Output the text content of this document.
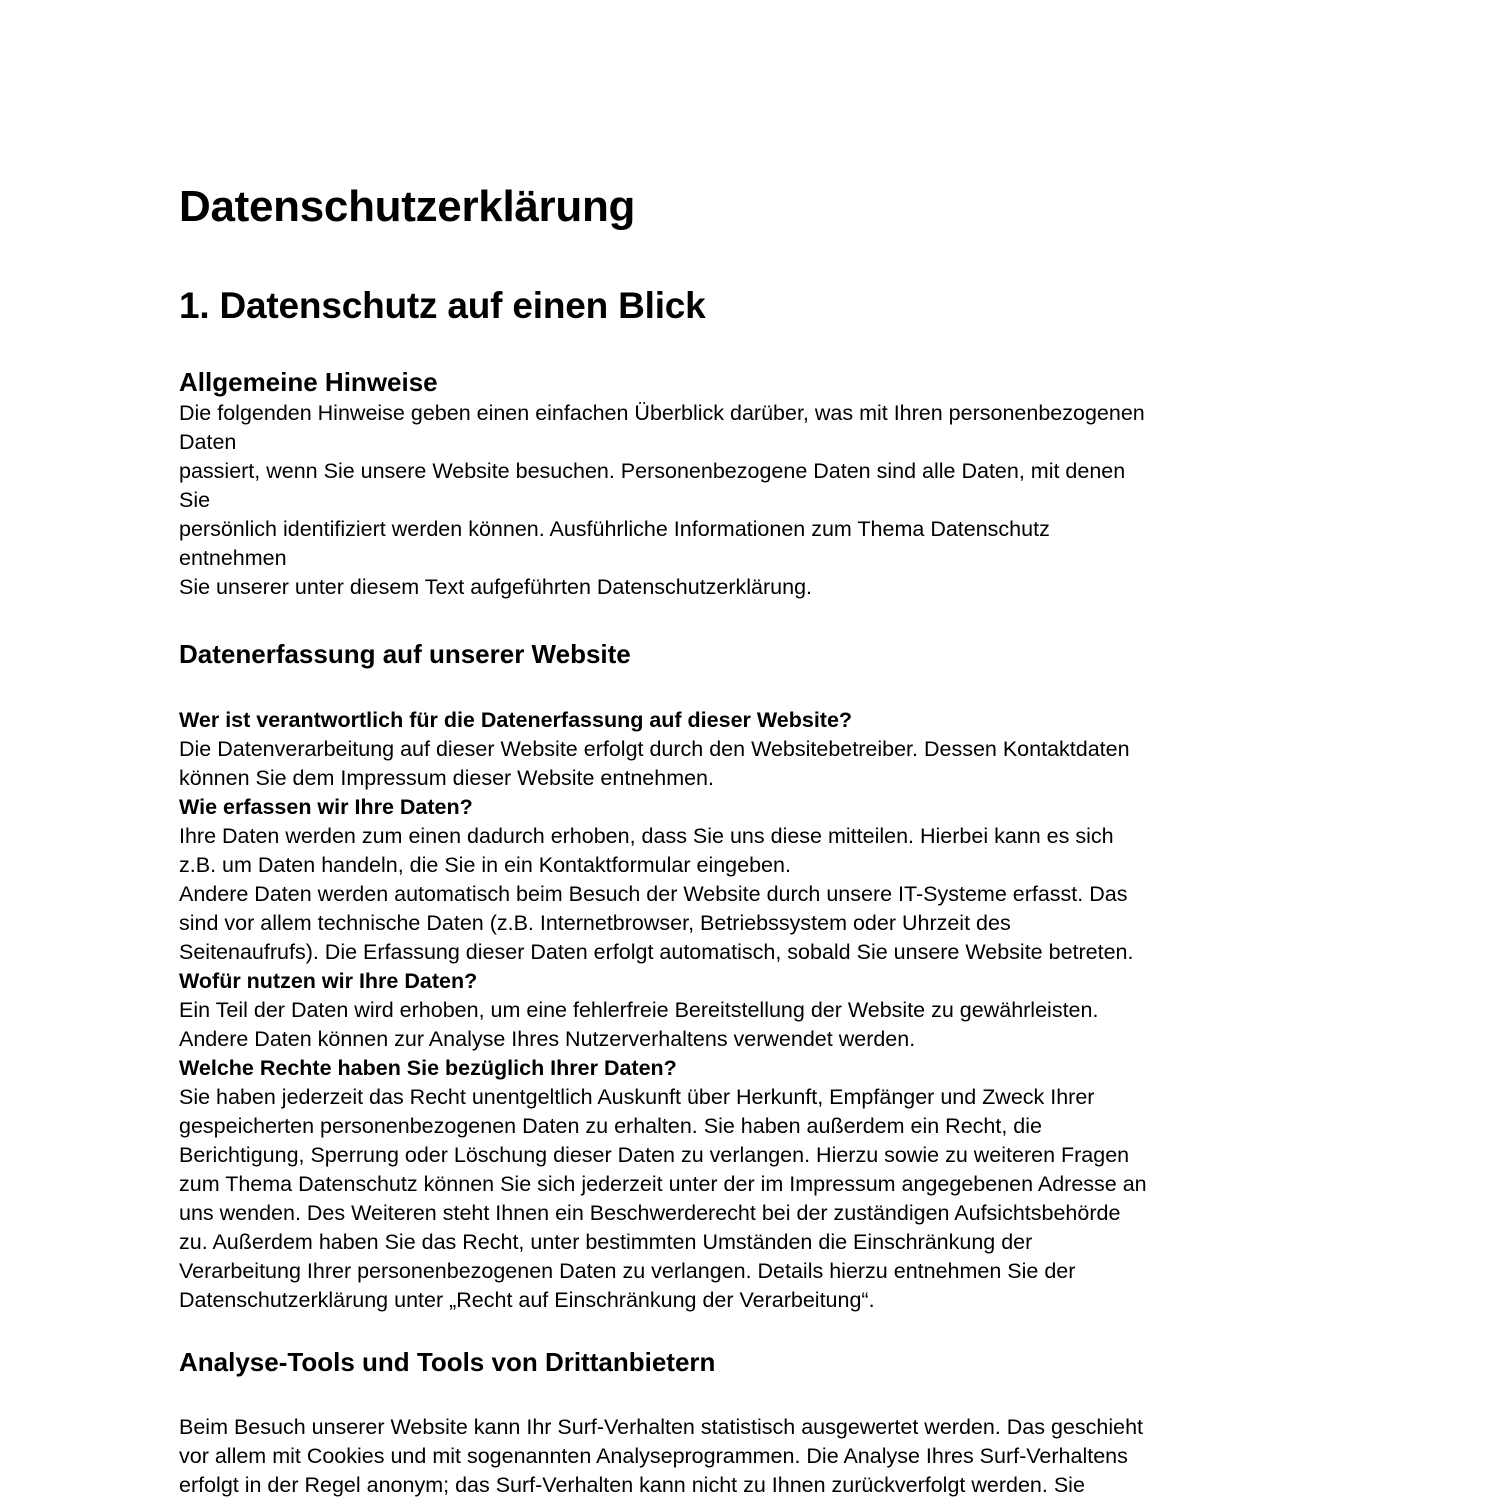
Datenschutzerklärung
1. Datenschutz auf einen Blick
Allgemeine Hinweise
Die folgenden Hinweise geben einen einfachen Überblick darüber, was mit Ihren personenbezogenen
Daten
passiert, wenn Sie unsere Website besuchen. Personenbezogene Daten sind alle Daten, mit denen
Sie
persönlich identifiziert werden können. Ausführliche Informationen zum Thema Datenschutz
entnehmen
Sie unserer unter diesem Text aufgeführten Datenschutzerklärung.
Datenerfassung auf unserer Website
Wer ist verantwortlich für die Datenerfassung auf dieser Website?
Die Datenverarbeitung auf dieser Website erfolgt durch den Websitebetreiber. Dessen Kontaktdaten
können Sie dem Impressum dieser Website entnehmen.
Wie erfassen wir Ihre Daten?
Ihre Daten werden zum einen dadurch erhoben, dass Sie uns diese mitteilen. Hierbei kann es sich
z.B. um Daten handeln, die Sie in ein Kontaktformular eingeben.
Andere Daten werden automatisch beim Besuch der Website durch unsere IT-Systeme erfasst. Das
sind vor allem technische Daten (z.B. Internetbrowser, Betriebssystem oder Uhrzeit des
Seitenaufrufs). Die Erfassung dieser Daten erfolgt automatisch, sobald Sie unsere Website betreten.
Wofür nutzen wir Ihre Daten?
Ein Teil der Daten wird erhoben, um eine fehlerfreie Bereitstellung der Website zu gewährleisten.
Andere Daten können zur Analyse Ihres Nutzerverhaltens verwendet werden.
Welche Rechte haben Sie bezüglich Ihrer Daten?
Sie haben jederzeit das Recht unentgeltlich Auskunft über Herkunft, Empfänger und Zweck Ihrer
gespeicherten personenbezogenen Daten zu erhalten. Sie haben außerdem ein Recht, die
Berichtigung, Sperrung oder Löschung dieser Daten zu verlangen. Hierzu sowie zu weiteren Fragen
zum Thema Datenschutz können Sie sich jederzeit unter der im Impressum angegebenen Adresse an
uns wenden. Des Weiteren steht Ihnen ein Beschwerderecht bei der zuständigen Aufsichtsbehörde
zu. Außerdem haben Sie das Recht, unter bestimmten Umständen die Einschränkung der
Verarbeitung Ihrer personenbezogenen Daten zu verlangen. Details hierzu entnehmen Sie der
Datenschutzerklärung unter „Recht auf Einschränkung der Verarbeitung“.
Analyse-Tools und Tools von Drittanbietern
Beim Besuch unserer Website kann Ihr Surf-Verhalten statistisch ausgewertet werden. Das geschieht
vor allem mit Cookies und mit sogenannten Analyseprogrammen. Die Analyse Ihres Surf-Verhaltens
erfolgt in der Regel anonym; das Surf-Verhalten kann nicht zu Ihnen zurückverfolgt werden. Sie
